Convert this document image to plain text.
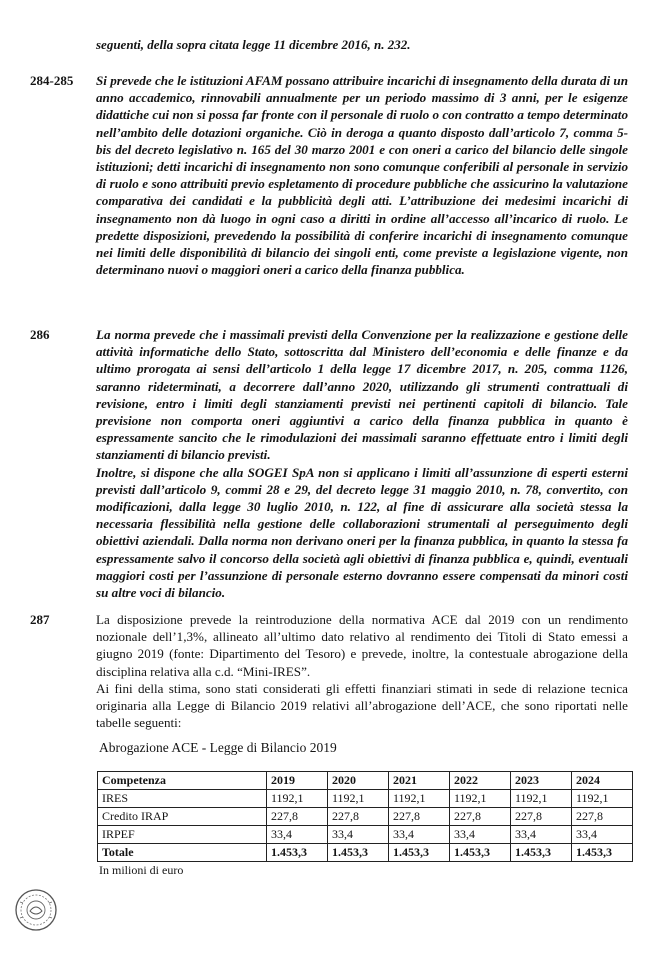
seguenti, della sopra citata legge 11 dicembre 2016, n. 232.
284-285	Si prevede che le istituzioni AFAM possano attribuire incarichi di insegnamento della durata di un anno accademico, rinnovabili annualmente per un periodo massimo di 3 anni, per le esigenze didattiche cui non si possa far fronte con il personale di ruolo o con contratto a tempo determinato nell’ambito delle dotazioni organiche. Ciò in deroga a quanto disposto dall’articolo 7, comma 5-bis del decreto legislativo n. 165 del 30 marzo 2001 e con oneri a carico del bilancio delle singole istituzioni; detti incarichi di insegnamento non sono comunque conferibili al personale in servizio di ruolo e sono attribuiti previo espletamento di procedure pubbliche che assicurino la valutazione comparativa dei candidati e la pubblicità degli atti. L’attribuzione dei medesimi incarichi di insegnamento non dà luogo in ogni caso a diritti in ordine all’accesso all’incarico di ruolo. Le predette disposizioni, prevedendo la possibilità di conferire incarichi di insegnamento comunque nei limiti delle disponibilità di bilancio dei singoli enti, come previste a legislazione vigente, non determinano nuovi o maggiori oneri a carico della finanza pubblica.

286	La norma prevede che i massimali previsti della Convenzione per la realizzazione e gestione delle attività informatiche dello Stato, sottoscritta dal Ministero dell’economia e delle finanze e da ultimo prorogata ai sensi dell’articolo 1 della legge 17 dicembre 2017, n. 205, comma 1126, saranno rideterminati, a decorrere dall’anno 2020, utilizzando gli strumenti contrattuali di revisione, entro i limiti degli stanziamenti previsti nei pertinenti capitoli di bilancio. Tale previsione non comporta oneri aggiuntivi a carico della finanza pubblica in quanto è espressamente sancito che le rimodulazioni dei massimali saranno effettuate entro i limiti degli stanziamenti di bilancio previsti.

Inoltre, si dispone che alla SOGEI SpA non si applicano i limiti all’assunzione di esperti esterni previsti dall’articolo 9, commi 28 e 29, del decreto legge 31 maggio 2010, n. 78, convertito, con modificazioni, dalla legge 30 luglio 2010, n. 122, al fine di assicurare alla società stessa la necessaria flessibilità nella gestione delle collaborazioni strumentali al perseguimento degli obiettivi aziendali. Dalla norma non derivano oneri per la finanza pubblica, in quanto la stessa fa espressamente salvo il concorso della società agli obiettivi di finanza pubblica e, quindi, eventuali maggiori costi per l’assunzione di personale esterno dovranno essere compensati da minori costi su altre voci di bilancio.

287	La disposizione prevede la reintroduzione della normativa ACE dal 2019 con un rendimento nozionale dell’1,3%, allineato all’ultimo dato relativo al rendimento dei Titoli di Stato emessi a giugno 2019 (fonte: Dipartimento del Tesoro) e prevede, inoltre, la contestuale abrogazione della disciplina relativa alla c.d. “Mini-IRES”.

Ai fini della stima, sono stati considerati gli effetti finanziari stimati in sede di relazione tecnica originaria alla Legge di Bilancio 2019 relativi all’abrogazione dell’ACE, che sono riportati nelle tabelle seguenti:

Abrogazione ACE - Legge di Bilancio 2019
Competenza	2019	2020	2021	2022	2023	2024
IRES	1192,1	1192,1	1192,1	1192,1	1192,1	1192,1
Credito IRAP	227,8	227,8	227,8	227,8	227,8	227,8
IRPEF	33,4	33,4	33,4	33,4	33,4	33,4
Totale	1.453,3	1.453,3	1.453,3	1.453,3	1.453,3	1.453,3
In milioni di euro
